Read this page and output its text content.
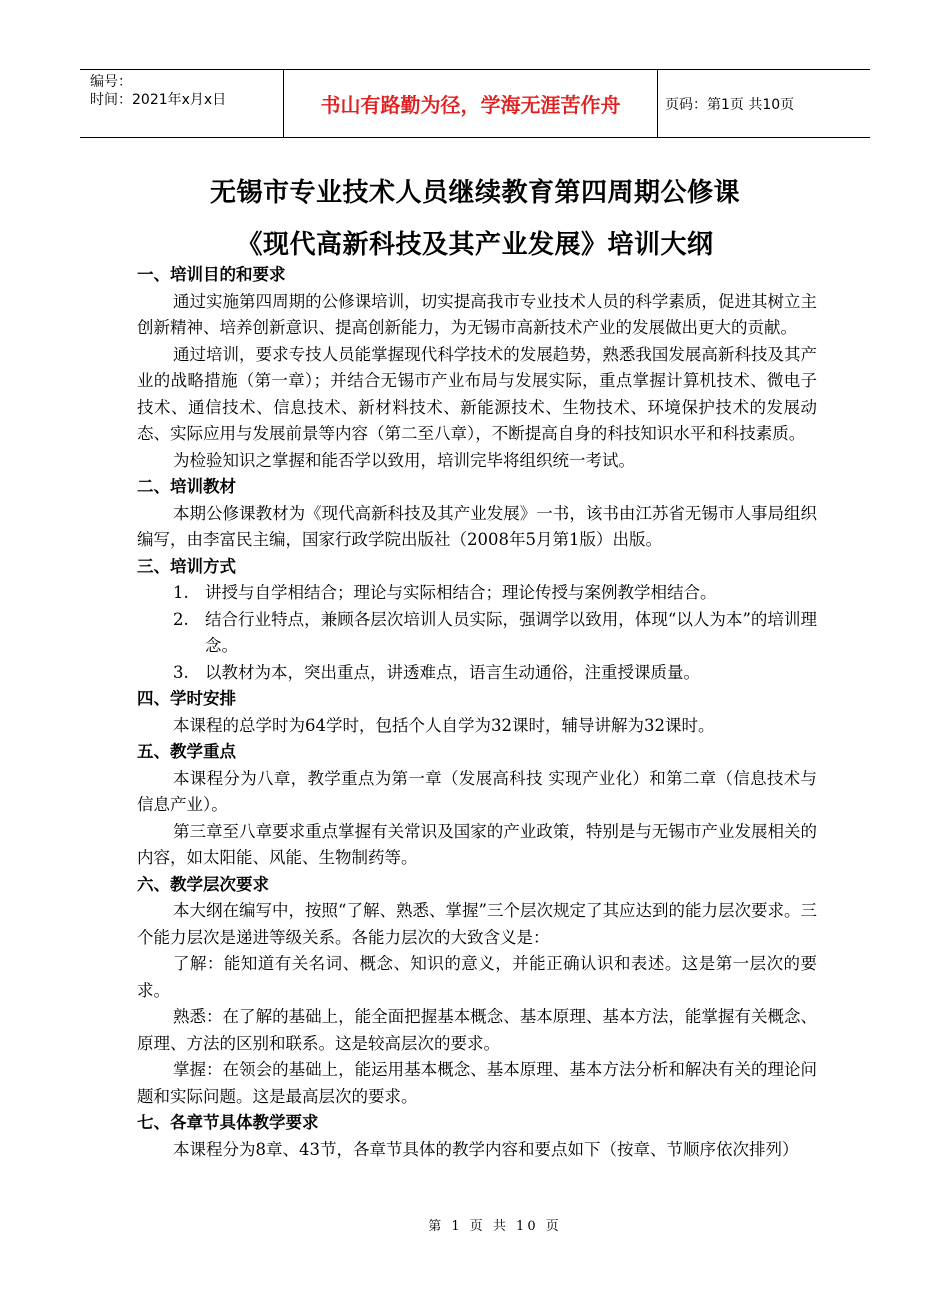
编号：
时间：2021年x月x日	书山有路勤为径，学海无涯苦作舟	页码：第1页 共10页
无锡市专业技术人员继续教育第四周期公修课
《现代高新科技及其产业发展》培训大纲
一、培训目的和要求
通过实施第四周期的公修课培训，切实提高我市专业技术人员的科学素质，促进其树立主创新精神、培养创新意识、提高创新能力，为无锡市高新技术产业的发展做出更大的贡献。
通过培训，要求专技人员能掌握现代科学技术的发展趋势，熟悉我国发展高新科技及其产业的战略措施（第一章）；并结合无锡市产业布局与发展实际，重点掌握计算机技术、微电子技术、通信技术、信息技术、新材料技术、新能源技术、生物技术、环境保护技术的发展动态、实际应用与发展前景等内容（第二至八章），不断提高自身的科技知识水平和科技素质。
为检验知识之掌握和能否学以致用，培训完毕将组织统一考试。
二、培训教材
本期公修课教材为《现代高新科技及其产业发展》一书，该书由江苏省无锡市人事局组织编写，由李富民主编，国家行政学院出版社（2008年5月第1版）出版。
三、培训方式
1. 讲授与自学相结合；理论与实际相结合；理论传授与案例教学相结合。
2. 结合行业特点，兼顾各层次培训人员实际，强调学以致用，体现“以人为本”的培训理念。
3. 以教材为本，突出重点，讲透难点，语言生动通俗，注重授课质量。
四、学时安排
本课程的总学时为64学时，包括个人自学为32课时，辅导讲解为32课时。
五、教学重点
本课程分为八章，教学重点为第一章（发展高科技 实现产业化）和第二章（信息技术与信息产业）。
第三章至八章要求重点掌握有关常识及国家的产业政策，特别是与无锡市产业发展相关的内容，如太阳能、风能、生物制药等。
六、教学层次要求
本大纲在编写中，按照“了解、熟悉、掌握”三个层次规定了其应达到的能力层次要求。三个能力层次是递进等级关系。各能力层次的大致含义是：
了解：能知道有关名词、概念、知识的意义，并能正确认识和表述。这是第一层次的要求。
熟悉：在了解的基础上，能全面把握基本概念、基本原理、基本方法，能掌握有关概念、原理、方法的区别和联系。这是较高层次的要求。
掌握：在领会的基础上，能运用基本概念、基本原理、基本方法分析和解决有关的理论问题和实际问题。这是最高层次的要求。
七、各章节具体教学要求
本课程分为8章、43节，各章节具体的教学内容和要点如下（按章、节顺序依次排列）
第 1 页 共 10 页
